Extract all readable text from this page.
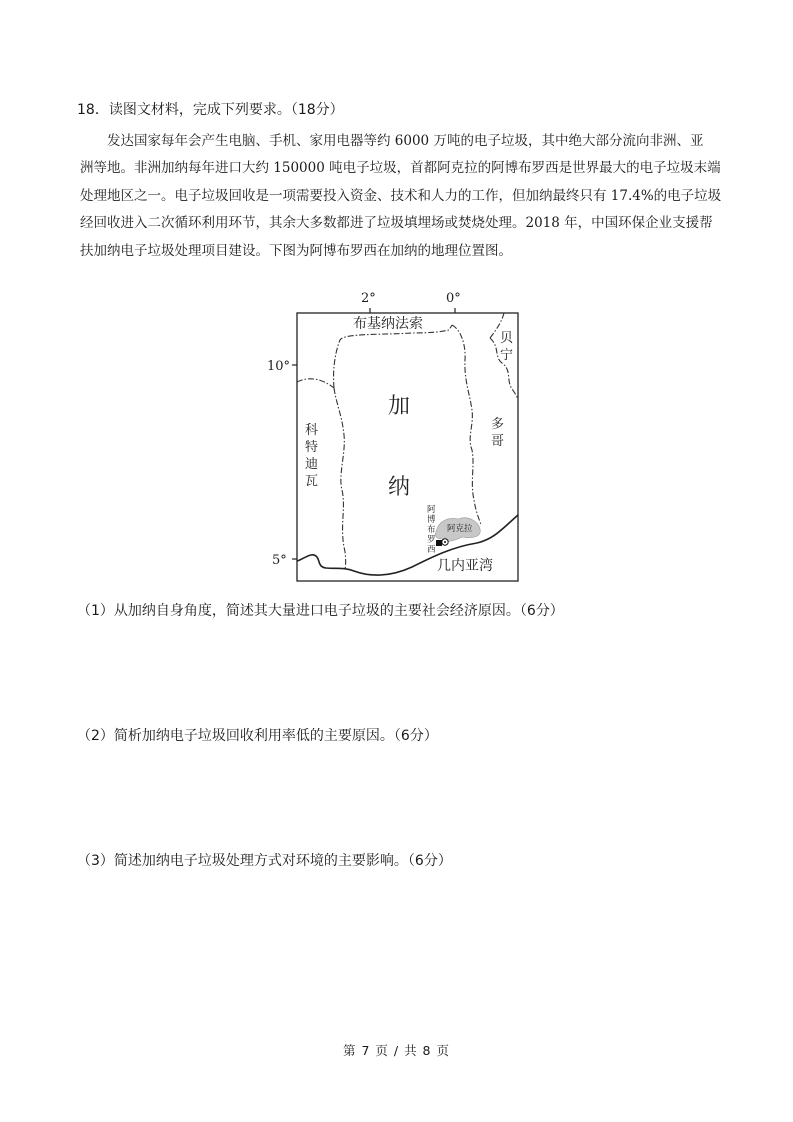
18．读图文材料，完成下列要求。（18分）
发达国家每年会产生电脑、手机、家用电器等约 6000 万吨的电子垃圾，其中绝大部分流向非洲、亚
洲等地。非洲加纳每年进口大约 150000 吨电子垃圾，首都阿克拉的阿博布罗西是世界最大的电子垃圾末端
处理地区之一。电子垃圾回收是一项需要投入资金、技术和人力的工作，但加纳最终只有 17.4%的电子垃圾
经回收进入二次循环利用环节，其余大多数都进了垃圾填埋场或焚烧处理。2018 年，中国环保企业支援帮
扶加纳电子垃圾处理项目建设。下图为阿博布罗西在加纳的地理位置图。
阿克拉
阿
博
布
罗
西
2°	0°
10°
5°
布基纳法索
贝
宁
多
哥
科
特
迪
瓦
加
纳
几内亚湾
（1）从加纳自身角度，简述其大量进口电子垃圾的主要社会经济原因。（6分）
（2）简析加纳电子垃圾回收利用率低的主要原因。（6分）
（3）简述加纳电子垃圾处理方式对环境的主要影响。（6分）
第 7 页 / 共 8 页
